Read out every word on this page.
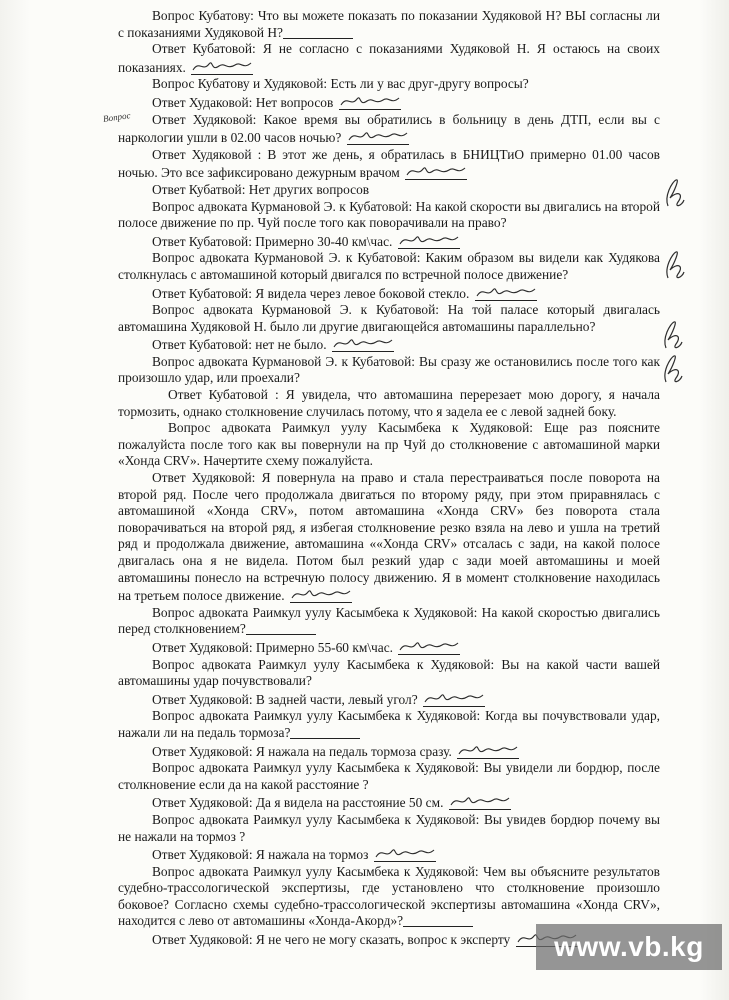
Вопрос

Вопрос Кубатову: Что вы можете показать по показании Худяковой Н? ВЫ согласны ли с показаниями Худяковой Н?

Ответ Кубатовой: Я не согласно с показаниями Худяковой Н. Я остаюсь на своих показаниях.

Вопрос Кубатову и Худяковой: Есть ли у вас друг-другу вопросы?

Ответ Худаковой: Нет вопросов

Ответ Худяковой: Какое время вы обратились в больницу в день ДТП, если вы с наркологии ушли в 02.00 часов ночью?

Ответ Худяковой : В этот же день, я обратилась в БНИЦТиО примерно 01.00 часов ночью. Это все зафиксировано дежурным врачом

Ответ Кубатвой: Нет других вопросов

Вопрос адвоката Курмановой Э. к Кубатовой: На какой скорости вы двигались на второй полосе движение по пр. Чуй после того как поворачивали на право?

Ответ Кубатовой: Примерно 30-40 км\час.

Вопрос адвоката Курмановой Э. к Кубатовой: Каким образом вы видели как Худякова столкнулась с автомашиной который двигался по встречной полосе движение?

Ответ Кубатовой: Я видела через левое боковой стекло.

Вопрос адвоката Курмановой Э. к Кубатовой: На той паласе который двигалась автомашина Худяковой Н. было ли другие двигающейся автомашины параллельно?

Ответ Кубатовой: нет не было.

Вопрос адвоката Курмановой Э. к Кубатовой: Вы сразу же остановились после того как произошло удар, или проехали?

Ответ Кубатовой : Я увидела, что автомашина перерезает мою дорогу, я начала тормозить, однако столкновение случилась потому, что я задела ее с левой задней боку.

Вопрос адвоката Раимкул уулу Касымбека к Худяковой: Еще раз поясните пожалуйста после того как вы повернули на пр Чуй до столкновение с автомашиной марки «Хонда CRV». Начертите схему пожалуйста.

Ответ Худяковой: Я повернула на право и стала перестраиваться после поворота на второй ряд. После чего продолжала двигаться по второму ряду, при этом приравнялась с автомашиной «Хонда CRV», потом автомашина «Хонда CRV» без поворота стала поворачиваться на второй ряд, я избегая столкновение резко взяла на лево и ушла на третий ряд и продолжала движение, автомашина ««Хонда CRV» отсалась с зади, на какой полосе двигалась она я не видела. Потом был резкий удар с зади моей автомашины и моей автомашины понесло на встречную полосу движению. Я в момент столкновение находилась на третьем полосе движение.

Вопрос адвоката Раимкул уулу Касымбека к Худяковой: На какой скоростью двигались перед столкновением?

Ответ Худяковой: Примерно 55-60 км\час.

Вопрос адвоката Раимкул уулу Касымбека к Худяковой: Вы на какой части вашей автомашины удар почувствовали?

Ответ Худяковой: В задней части, левый угол?

Вопрос адвоката Раимкул уулу Касымбека к Худяковой: Когда вы почувствовали удар, нажали ли на педаль тормоза?

Ответ Худяковой: Я нажала на педаль тормоза сразу.

Вопрос адвоката Раимкул уулу Касымбека к Худяковой: Вы увидели ли бордюр, после столкновение если да на какой расстояние ?

Ответ Худяковой: Да я видела на расстояние 50 см.

Вопрос адвоката Раимкул уулу Касымбека к Худяковой: Вы увидев бордюр почему вы не нажали на тормоз ?

Ответ Худяковой: Я нажала на тормоз

Вопрос адвоката Раимкул уулу Касымбека к Худяковой: Чем вы объясните результатов судебно-трассологической экспертизы, где установлено что столкновение произошло боковое? Согласно схемы судебно-трассологической экспертизы автомашина «Хонда CRV», находится с лево от автомашины «Хонда-Акорд»?

Ответ Худяковой: Я не чего не могу сказать, вопрос к эксперту	www.vb.kg
